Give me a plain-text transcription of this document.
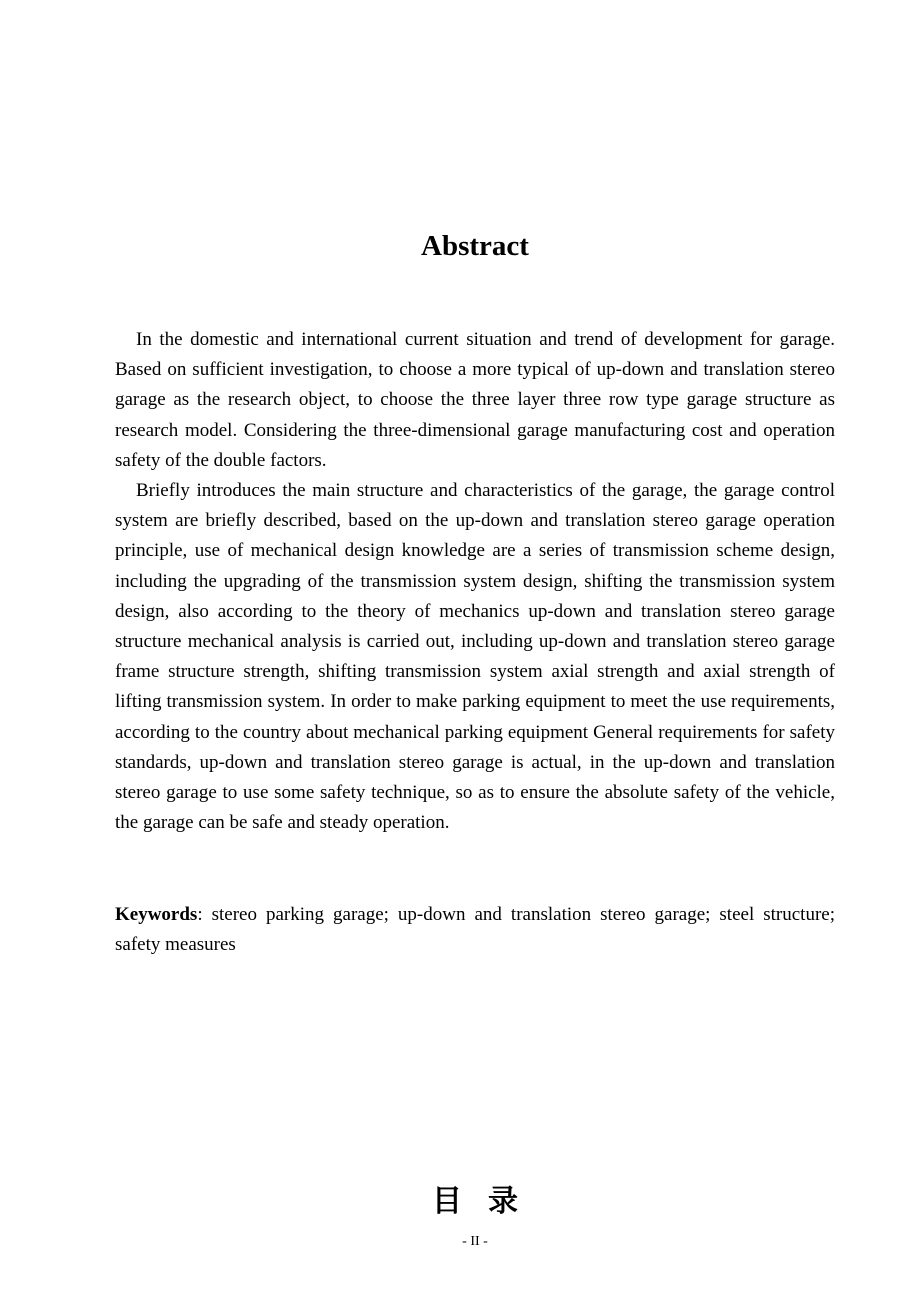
Abstract

In the domestic and international current situation and trend of development for garage. Based on sufficient investigation, to choose a more typical of up-down and translation stereo garage as the research object, to choose the three layer three row type garage structure as research model. Considering the three-dimensional garage manufacturing cost and operation safety of the double factors.

Briefly introduces the main structure and characteristics of the garage, the garage control system are briefly described, based on the up-down and translation stereo garage operation principle, use of mechanical design knowledge are a series of transmission scheme design, including the upgrading of the transmission system design, shifting the transmission system design, also according to the theory of mechanics up-down and translation stereo garage structure mechanical analysis is carried out, including up-down and translation stereo garage frame structure strength, shifting transmission system axial strength and axial strength of lifting transmission system. In order to make parking equipment to meet the use requirements, according to the country about mechanical parking equipment General requirements for safety standards, up-down and translation stereo garage is actual, in the up-down and translation stereo garage to use some safety technique, so as to ensure the absolute safety of the vehicle, the garage can be safe and steady operation.

Keywords: stereo parking garage; up-down and translation stereo garage; steel structure; safety measures

目录
- II -
